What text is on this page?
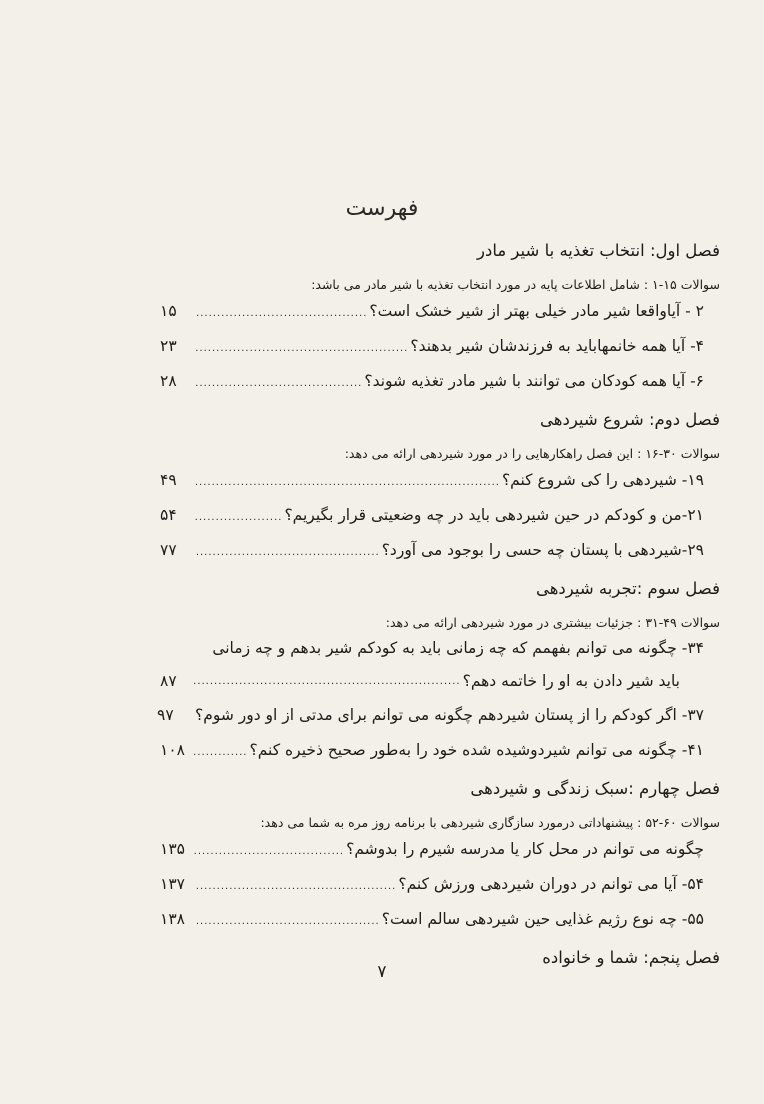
فهرست
فصل اول: انتخاب تغذیه با شیر مادر
سوالات ۱۵-۱ : شامل اطلاعات پایه در مورد انتخاب تغذیه با شیر مادر می باشد:
۲ - آیاواقعا شیر مادر خیلی بهتر از شیر خشک است؟
.....
۱۵
۴- آیا همه خانمهاباید به فرزندشان شیر بدهند؟
.....
۲۳
۶- آیا همه کودکان می توانند با شیر مادر تغذیه شوند؟
.....
۲۸
فصل دوم: شروع شیردهی
سوالات ۳۰-۱۶ : این فصل راهکارهایی را در مورد شیردهی ارائه می دهد:
۱۹- شیردهی را کی شروع کنم؟
.....
۴۹
۲۱-من و کودکم در حین شیردهی باید در چه وضعیتی قرار بگیریم؟
.....
۵۴
۲۹-شیردهی با پستان چه حسی را بوجود می آورد؟
.....
۷۷
فصل سوم :تجربه شیردهی
سوالات ۴۹-۳۱ : جزئیات بیشتری در مورد شیردهی ارائه می دهد:
۳۴- چگونه می توانم بفهمم که چه زمانی باید به کودکم شیر بدهم و چه زمانی
باید شیر دادن به او را خاتمه دهم؟
.....
۸۷
۳۷- اگر کودکم را از پستان شیردهم چگونه می توانم برای مدتی از او دور شوم؟
۹۷
۴۱- چگونه می توانم شیردوشیده شده خود را به‌طور صحیح ذخیره کنم؟
.....
۱۰۸
فصل چهارم :سبک زندگی و شیردهی
سوالات ۶۰-۵۲ : پیشنهاداتی درمورد سازگاری شیردهی با برنامه روز مره به شما می دهد:
چگونه می توانم در محل کار یا مدرسه شیرم را بدوشم؟
.....
۱۳۵
۵۴- آیا می توانم در دوران شیردهی ورزش کنم؟
.....
۱۳۷
۵۵- چه نوع رژیم غذایی حین شیردهی سالم است؟
.....
۱۳۸
فصل پنجم: شما و خانواده
۷
